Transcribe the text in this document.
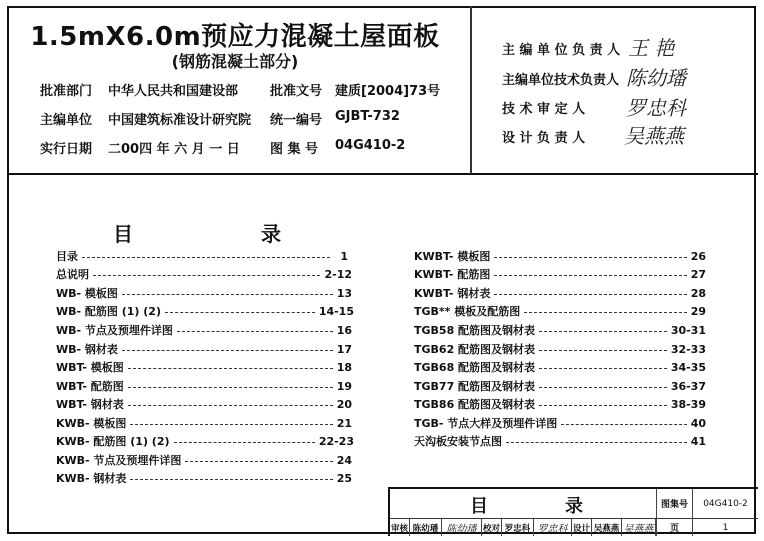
1.5mX6.0m预应力混凝土屋面板
(钢筋混凝土部分)
批准部门 中华人民共和国建设部 批准文号 建质[2004]73号
主编单位 中国建筑标准设计研究院 统一编号 GJBT-732
实行日期 二00四 年 六 月 一 日 图 集 号 04G410-2
主 编 单 位 负 责 人 王 艳
主编单位技术负责人 陈幼璠
技 术 审 定 人	罗忠科
设 计 负 责 人	吴燕燕
目	录
目录	1
总说明	2-12
WB- 模板图	13
WB- 配筋图 (1) (2)	14-15
WB- 节点及预埋件详图	16
WB- 钢材表	17
WBT- 模板图	18
WBT- 配筋图	19
WBT- 钢材表	20
KWB- 模板图	21
KWB- 配筋图 (1) (2)	22-23
KWB- 节点及预埋件详图	24
KWB- 钢材表	25
KWBT- 模板图	26
KWBT- 配筋图	27
KWBT- 钢材表	28
TGB** 模板及配筋图	29
TGB58 配筋图及钢材表	30-31
TGB62 配筋图及钢材表	32-33
TGB68 配筋图及钢材表	34-35
TGB77 配筋图及钢材表	36-37
TGB86 配筋图及钢材表	38-39
TGB- 节点大样及预埋件详图	40
天沟板安装节点图	41
目	录	图集号	04G410-2
审核 陈幼璠 陈幼璠 校对 罗忠科 罗忠科 设计 吴燕燕 吴燕燕	页	1
